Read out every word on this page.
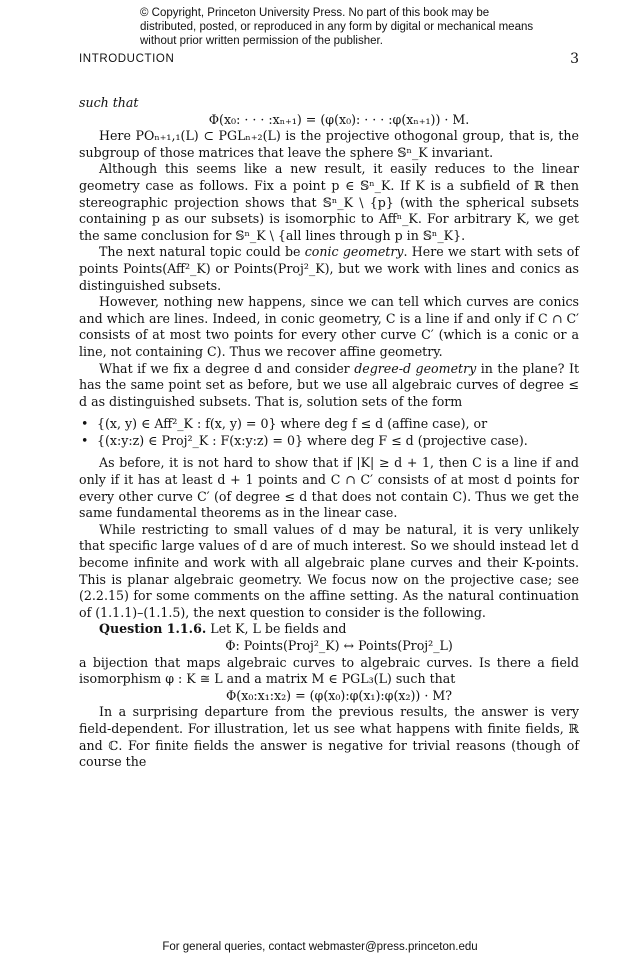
© Copyright, Princeton University Press. No part of this book may be distributed, posted, or reproduced in any form by digital or mechanical means without prior written permission of the publisher.
INTRODUCTION	3

such that

Φ(x₀: · · · :xₙ₊₁) = (φ(x₀): · · · :φ(xₙ₊₁)) · M.

Here POₙ₊₁,₁(L) ⊂ PGLₙ₊₂(L) is the projective othogonal group, that is, the subgroup of those matrices that leave the sphere 𝕊ⁿ_K invariant.

Although this seems like a new result, it easily reduces to the linear geometry case as follows. Fix a point p ∈ 𝕊ⁿ_K. If K is a subfield of ℝ then stereographic projection shows that 𝕊ⁿ_K \ {p} (with the spherical subsets containing p as our subsets) is isomorphic to Affⁿ_K. For arbitrary K, we get the same conclusion for 𝕊ⁿ_K \ {all lines through p in 𝕊ⁿ_K}.

The next natural topic could be conic geometry. Here we start with sets of points Points(Aff²_K) or Points(Proj²_K), but we work with lines and conics as distinguished subsets.

However, nothing new happens, since we can tell which curves are conics and which are lines. Indeed, in conic geometry, C is a line if and only if C ∩ C′ consists of at most two points for every other curve C′ (which is a conic or a line, not containing C). Thus we recover affine geometry.

What if we fix a degree d and consider degree-d geometry in the plane? It has the same point set as before, but we use all algebraic curves of degree ≤ d as distinguished subsets. That is, solution sets of the form

• {(x, y) ∈ Aff²_K : f(x, y) = 0} where deg f ≤ d (affine case), or
• {(x:y:z) ∈ Proj²_K : F(x:y:z) = 0} where deg F ≤ d (projective case).

As before, it is not hard to show that if |K| ≥ d + 1, then C is a line if and only if it has at least d + 1 points and C ∩ C′ consists of at most d points for every other curve C′ (of degree ≤ d that does not contain C). Thus we get the same fundamental theorems as in the linear case.

While restricting to small values of d may be natural, it is very unlikely that specific large values of d are of much interest. So we should instead let d become infinite and work with all algebraic plane curves and their K-points. This is planar algebraic geometry. We focus now on the projective case; see (2.2.15) for some comments on the affine setting. As the natural continuation of (1.1.1)–(1.1.5), the next question to consider is the following.

Question 1.1.6. Let K, L be fields and

Φ: Points(Proj²_K) ↔ Points(Proj²_L)

a bijection that maps algebraic curves to algebraic curves. Is there a field isomorphism φ : K ≅ L and a matrix M ∈ PGL₃(L) such that

Φ(x₀:x₁:x₂) = (φ(x₀):φ(x₁):φ(x₂)) · M?

In a surprising departure from the previous results, the answer is very field-dependent. For illustration, let us see what happens with finite fields, ℝ and ℂ. For finite fields the answer is negative for trivial reasons (though of course the

For general queries, contact webmaster@press.princeton.edu
